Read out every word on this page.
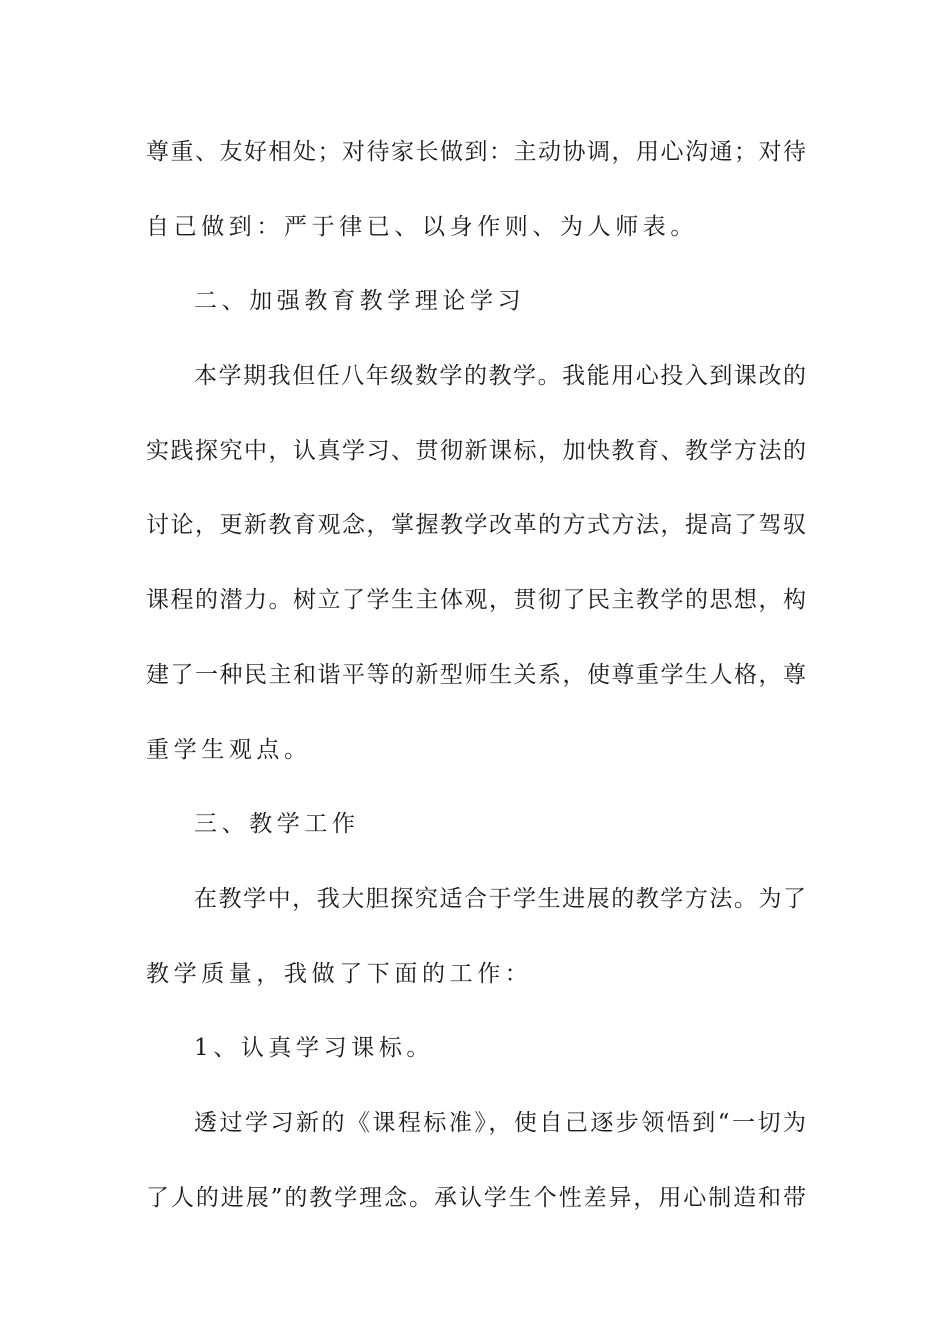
尊重、友好相处；对待家长做到：主动协调，用心沟通；对待
自己做到：严于律已、以身作则、为人师表。
二、加强教育教学理论学习
本学期我但任八年级数学的教学。我能用心投入到课改的
实践探究中，认真学习、贯彻新课标，加快教育、教学方法的
讨论，更新教育观念，掌握教学改革的方式方法，提高了驾驭
课程的潜力。树立了学生主体观，贯彻了民主教学的思想，构
建了一种民主和谐平等的新型师生关系，使尊重学生人格，尊
重学生观点。
三、教学工作
在教学中，我大胆探究适合于学生进展的教学方法。为了
教学质量，我做了下面的工作：
1、认真学习课标。
透过学习新的《课程标准》，使自己逐步领悟到“一切为
了人的进展”的教学理念。承认学生个性差异，用心制造和带
